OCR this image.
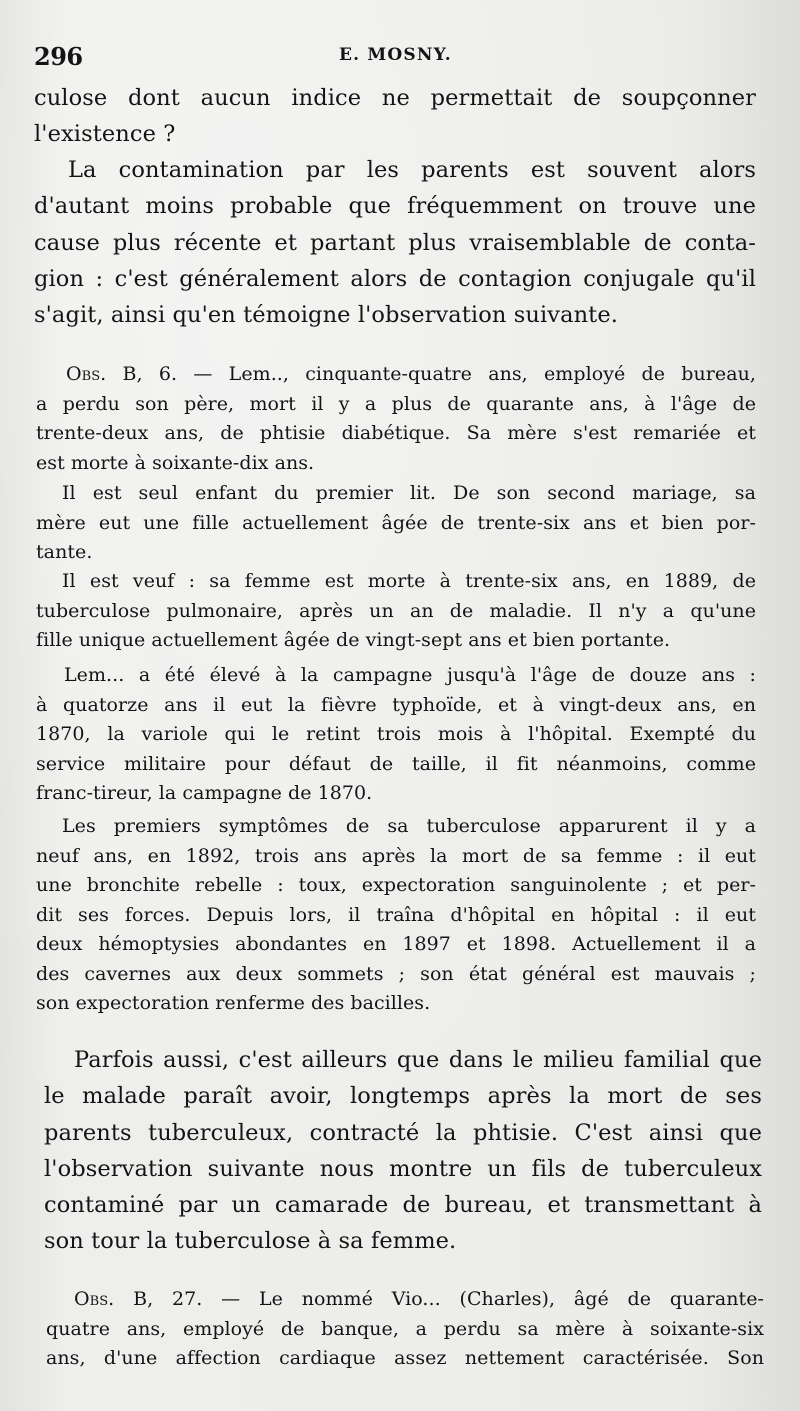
296	E. MOSNY.
culose dont aucun indice ne permettait de soupçonner
l'existence ?
La contamination par les parents est souvent alors
d'autant moins probable que fréquemment on trouve une
cause plus récente et partant plus vraisemblable de conta-
gion : c'est généralement alors de contagion conjugale qu'il
s'agit, ainsi qu'en témoigne l'observation suivante.
Obs. B, 6. — Lem.., cinquante-quatre ans, employé de bureau,
a perdu son père, mort il y a plus de quarante ans, à l'âge de
trente-deux ans, de phtisie diabétique. Sa mère s'est remariée et
est morte à soixante-dix ans.
Il est seul enfant du premier lit. De son second mariage, sa
mère eut une fille actuellement âgée de trente-six ans et bien por-
tante.
Il est veuf : sa femme est morte à trente-six ans, en 1889, de
tuberculose pulmonaire, après un an de maladie. Il n'y a qu'une
fille unique actuellement âgée de vingt-sept ans et bien portante.
Lem... a été élevé à la campagne jusqu'à l'âge de douze ans :
à quatorze ans il eut la fièvre typhoïde, et à vingt-deux ans, en
1870, la variole qui le retint trois mois à l'hôpital. Exempté du
service militaire pour défaut de taille, il fit néanmoins, comme
franc-tireur, la campagne de 1870.
Les premiers symptômes de sa tuberculose apparurent il y a
neuf ans, en 1892, trois ans après la mort de sa femme : il eut
une bronchite rebelle : toux, expectoration sanguinolente ; et per-
dit ses forces. Depuis lors, il traîna d'hôpital en hôpital : il eut
deux hémoptysies abondantes en 1897 et 1898. Actuellement il a
des cavernes aux deux sommets ; son état général est mauvais ;
son expectoration renferme des bacilles.
Parfois aussi, c'est ailleurs que dans le milieu familial que
le malade paraît avoir, longtemps après la mort de ses
parents tuberculeux, contracté la phtisie. C'est ainsi que
l'observation suivante nous montre un fils de tuberculeux
contaminé par un camarade de bureau, et transmettant à
son tour la tuberculose à sa femme.
Obs. B, 27. — Le nommé Vio... (Charles), âgé de quarante-
quatre ans, employé de banque, a perdu sa mère à soixante-six
ans, d'une affection cardiaque assez nettement caractérisée. Son
